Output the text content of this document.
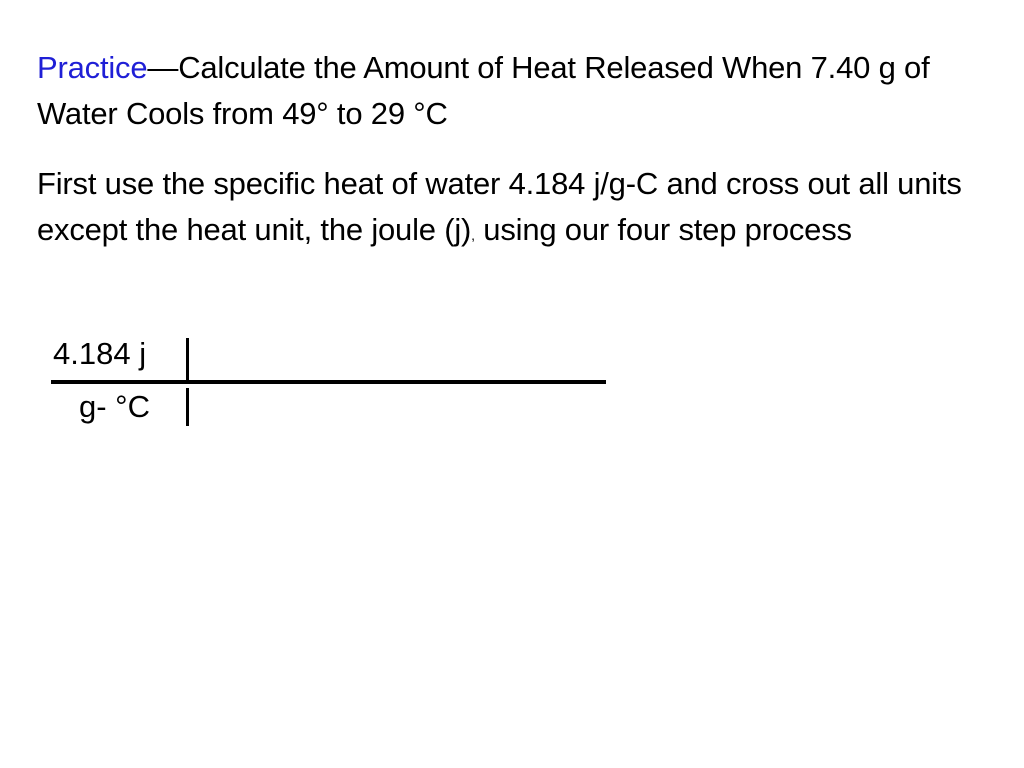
Practice—Calculate the Amount of Heat Released When 7.40 g of Water Cools from 49° to 29 °C

First use the specific heat of water 4.184 j/g-C and cross out all units except the heat unit, the joule (j), using our four step process

4.184 j
g- °C
